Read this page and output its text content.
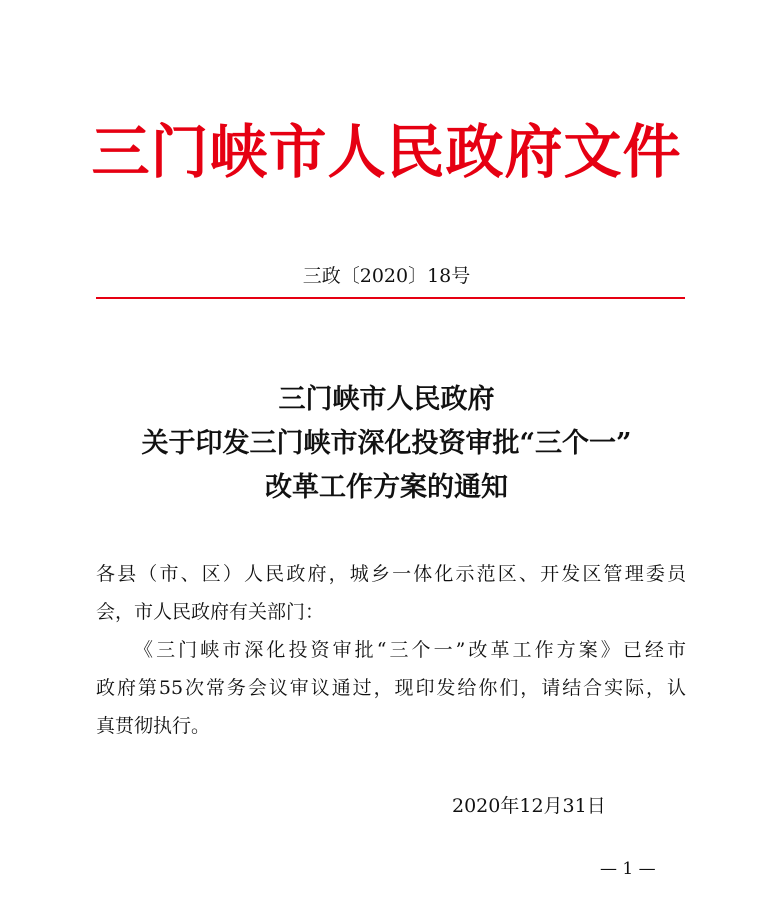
三门峡市人民政府文件
三政〔2020〕18号
三门峡市人民政府
关于印发三门峡市深化投资审批“三个一”
改革工作方案的通知
各县（市、区）人民政府，城乡一体化示范区、开发区管理委员
会，市人民政府有关部门：
《三门峡市深化投资审批“三个一”改革工作方案》已经市
政府第55次常务会议审议通过，现印发给你们，请结合实际，认
真贯彻执行。
2020年12月31日
— 1 —
